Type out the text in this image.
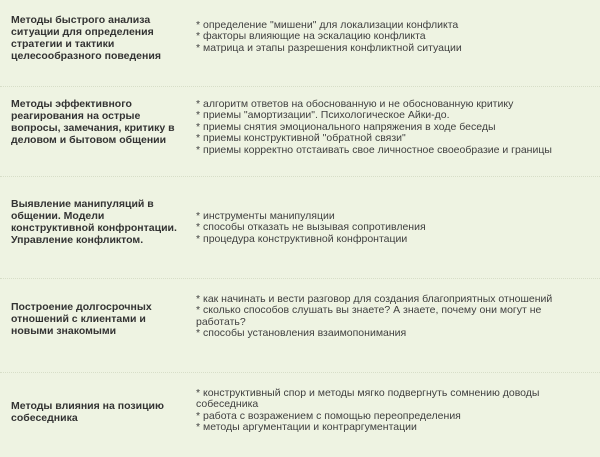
Методы быстрого анализа ситуации для определения стратегии и тактики целесообразного поведения
* определение "мишени" для локализации конфликта
* факторы влияющие на эскалацию конфликта
* матрица и этапы разрешения конфликтной ситуации
Методы эффективного реагирования на острые вопросы, замечания, критику в деловом и бытовом общении
* алгоритм ответов на обоснованную и не обоснованную критику
* приемы "амортизации". Психологическое Айки-до.
* приемы снятия эмоционального напряжения в ходе беседы
* приемы конструктивной "обратной связи"
* приемы корректно отстаивать свое личностное своеобразие и границы
Выявление манипуляций в общении. Модели конструктивной конфронтации. Управление конфликтом.
* инструменты манипуляции
* способы отказать не вызывая сопротивления
* процедура конструктивной конфронтации
Построение долгосрочных отношений с клиентами и новыми знакомыми
* как начинать и вести разговор для создания благоприятных отношений
* сколько способов слушать вы знаете? А знаете, почему они могут не работать?
* способы установления взаимопонимания
Методы влияния на позицию собеседника
* конструктивный спор и методы мягко подвергнуть сомнению доводы собеседника
* работа с возражением с помощью переопределения
* методы аргументации и контраргументации
